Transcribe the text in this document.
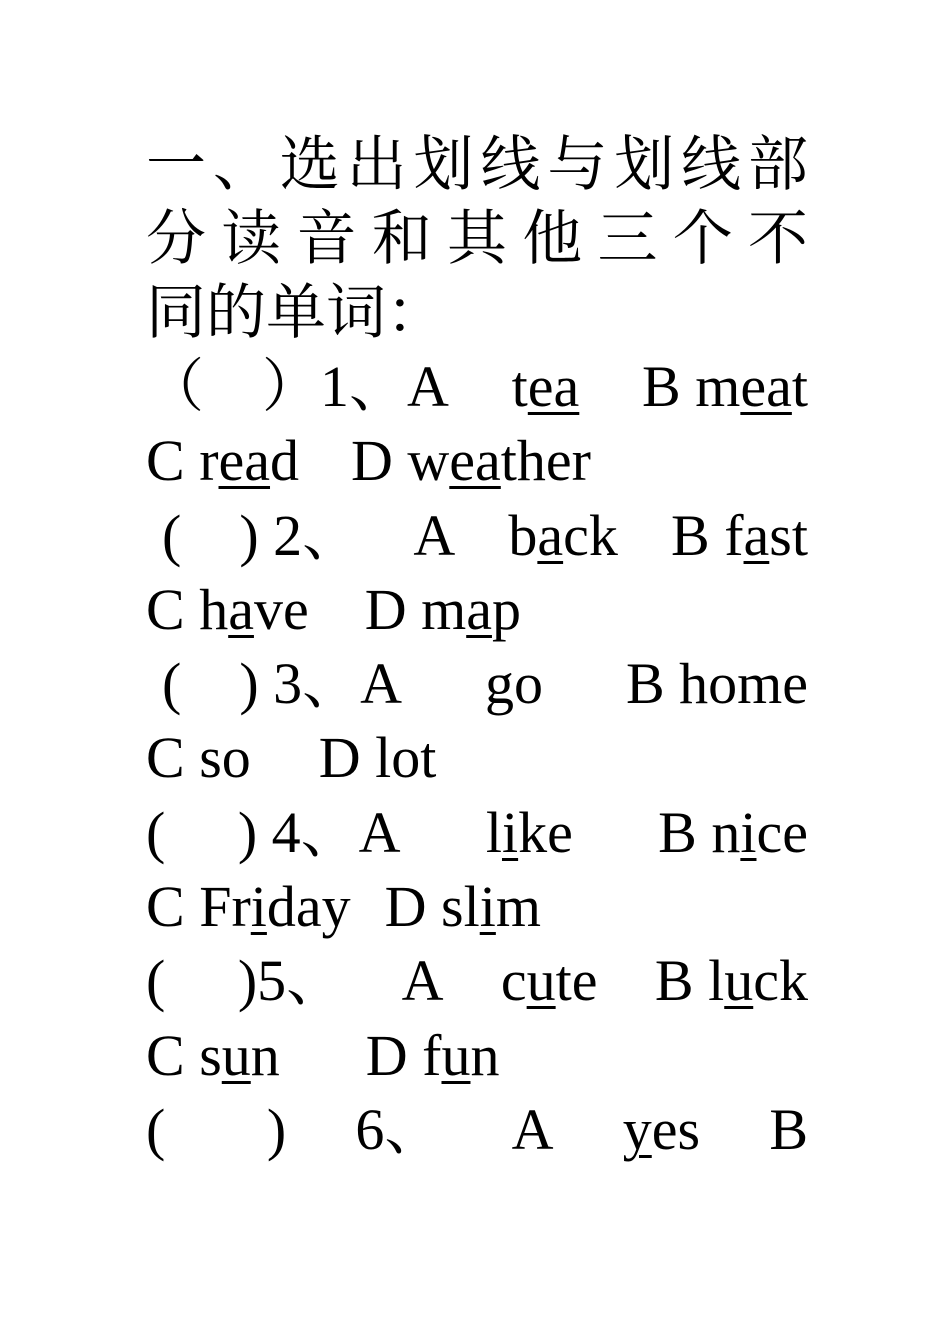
一、选出划线与划线部
分读音和其他三个不
同的单词：
（　）1、A tea B meat
C read D weather
(    ) 2、 A back B fast
C have D map
(    ) 3、A go B home
C so D lot
(     ) 4、A like B nice
C Friday D slim
(     )5、 A cute B luck
C sun D fun
(       ) 6、 A yes B
